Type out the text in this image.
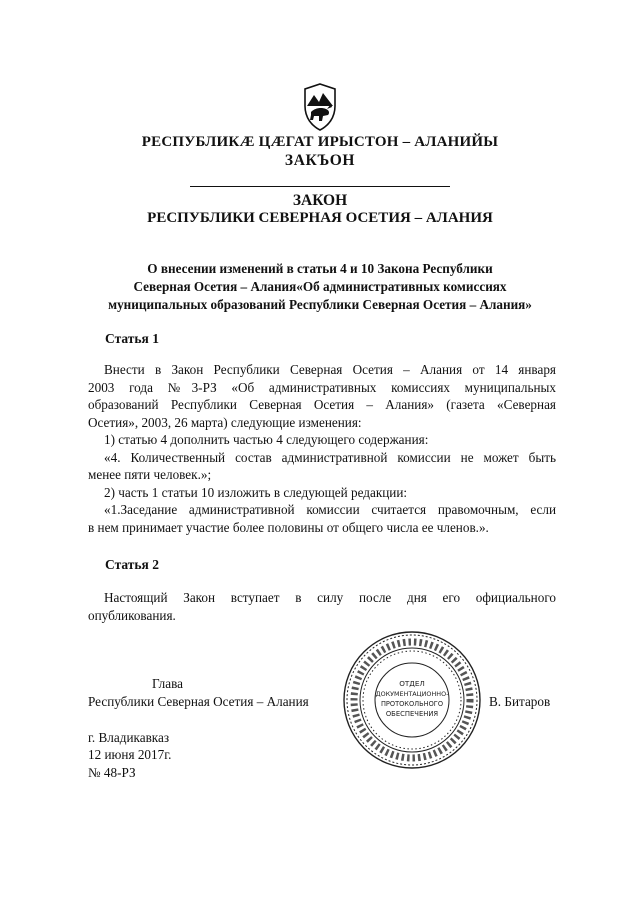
РЕСПУБЛИКӔ ЦӔГАТ ИРЫСТОН – АЛАНИЙЫ
ЗАКЪОН
ЗАКОН
РЕСПУБЛИКИ СЕВЕРНАЯ ОСЕТИЯ – АЛАНИЯ
О внесении изменений в статьи 4 и 10 Закона Республики
Северная Осетия – Алания«Об административных комиссиях
муниципальных образований Республики Северная Осетия – Алания»
Статья 1
Внести в Закон Республики Северная Осетия – Алания от 14 января
2003 года №3-РЗ «Об административных комиссиях муниципальных
образований Республики Северная Осетия – Алания» (газета «Северная
Осетия», 2003, 26 марта) следующие изменения:
1) статью 4 дополнить частью 4 следующего содержания:
«4. Количественный состав административной комиссии не может быть
менее пяти человек.»;
2) часть 1 статьи 10 изложить в следующей редакции:
«1.Заседание административной комиссии считается правомочным, если
в нем принимает участие более половины от общего числа ее членов.».
Статья 2
Настоящий Закон вступает в силу после дня его официального
опубликования.
Глава
Республики Северная Осетия – Алания	В. Битаров
г. Владикавказ
12 июня 2017г.
№ 48-РЗ
ОТДЕЛ
ДОКУМЕНТАЦИОННО-
ПРОТОКОЛЬНОГО
ОБЕСПЕЧЕНИЯ
